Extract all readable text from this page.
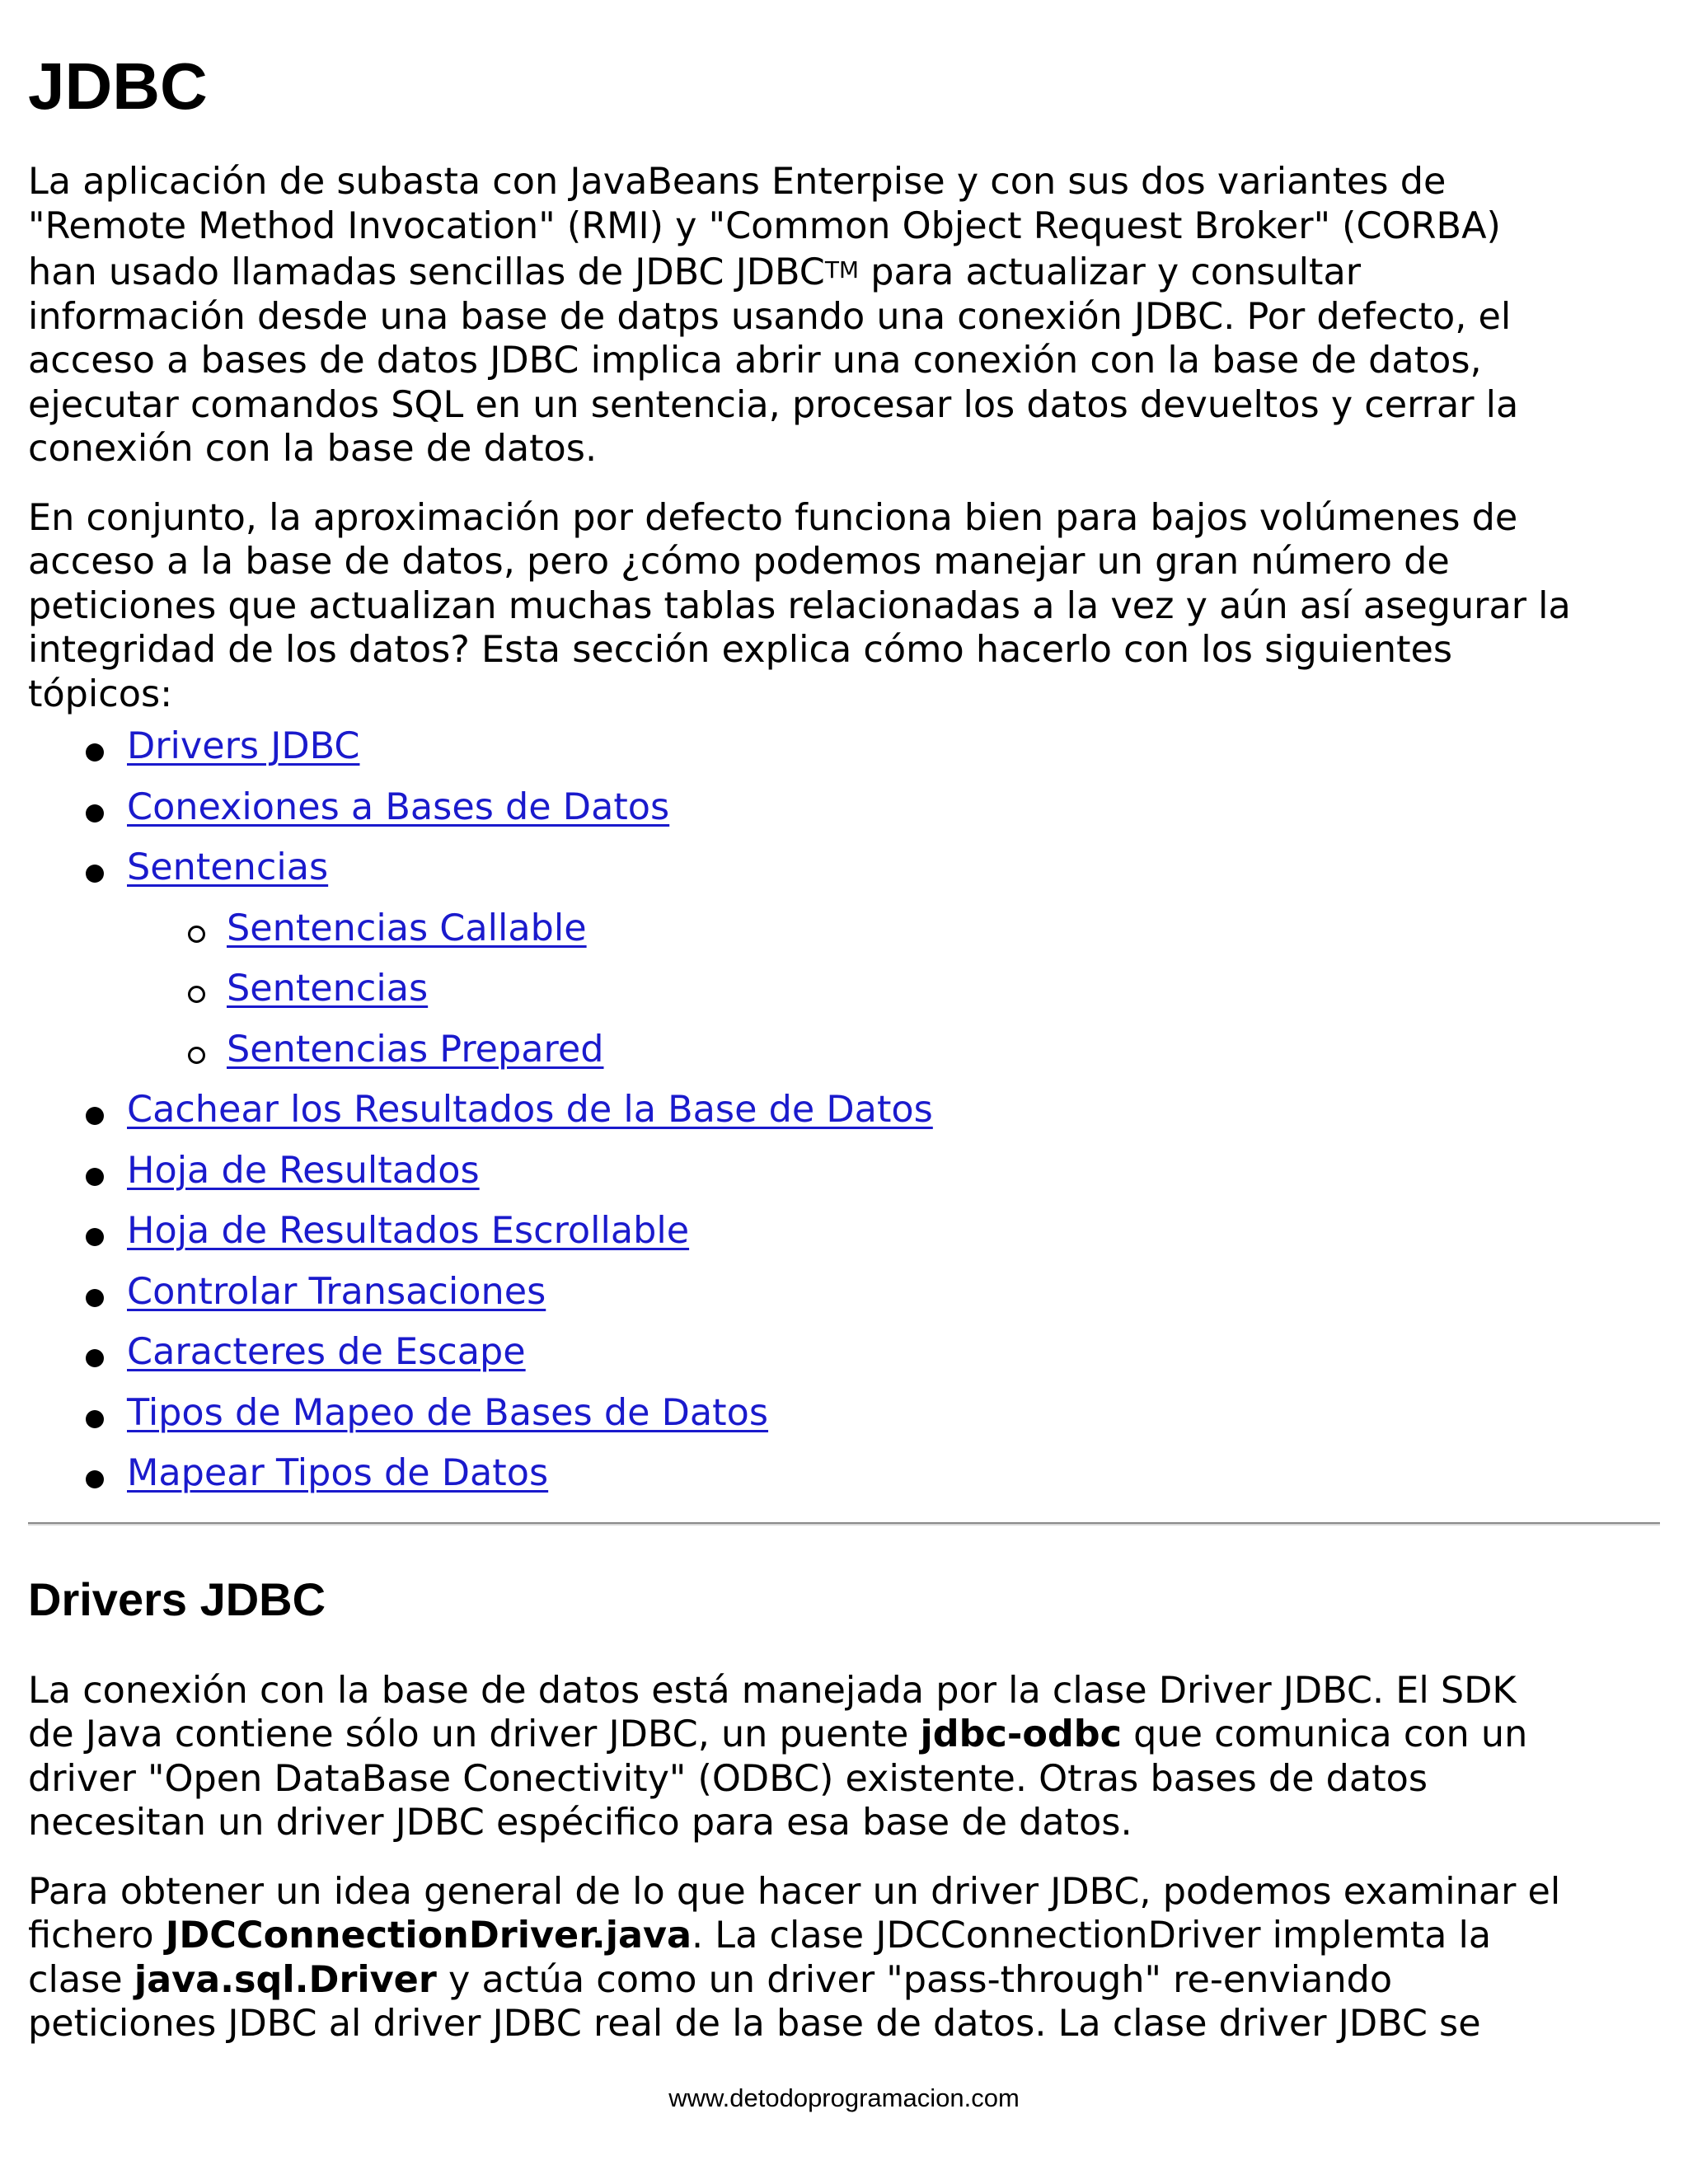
JDBC

La aplicación de subasta con JavaBeans Enterpise y con sus dos variantes de
"Remote Method Invocation" (RMI) y "Common Object Request Broker" (CORBA)
han usado llamadas sencillas de JDBC JDBCTM para actualizar y consultar
información desde una base de datps usando una conexión JDBC. Por defecto, el
acceso a bases de datos JDBC implica abrir una conexión con la base de datos,
ejecutar comandos SQL en un sentencia, procesar los datos devueltos y cerrar la
conexión con la base de datos.

En conjunto, la aproximación por defecto funciona bien para bajos volúmenes de
acceso a la base de datos, pero ¿cómo podemos manejar un gran número de
peticiones que actualizan muchas tablas relacionadas a la vez y aún así asegurar la
integridad de los datos? Esta sección explica cómo hacerlo con los siguientes
tópicos:

Drivers JDBC
Conexiones a Bases de Datos
Sentencias
Sentencias Callable
Sentencias
Sentencias Prepared
Cachear los Resultados de la Base de Datos
Hoja de Resultados
Hoja de Resultados Escrollable
Controlar Transaciones
Caracteres de Escape
Tipos de Mapeo de Bases de Datos
Mapear Tipos de Datos
Drivers JDBC

La conexión con la base de datos está manejada por la clase Driver JDBC. El SDK
de Java contiene sólo un driver JDBC, un puente jdbc-odbc que comunica con un
driver "Open DataBase Conectivity" (ODBC) existente. Otras bases de datos
necesitan un driver JDBC espécifico para esa base de datos.

Para obtener un idea general de lo que hacer un driver JDBC, podemos examinar el
fichero JDCConnectionDriver.java. La clase JDCConnectionDriver implemta la
clase java.sql.Driver y actúa como un driver "pass-through" re-enviando
peticiones JDBC al driver JDBC real de la base de datos. La clase driver JDBC se

www.detodoprogramacion.com
